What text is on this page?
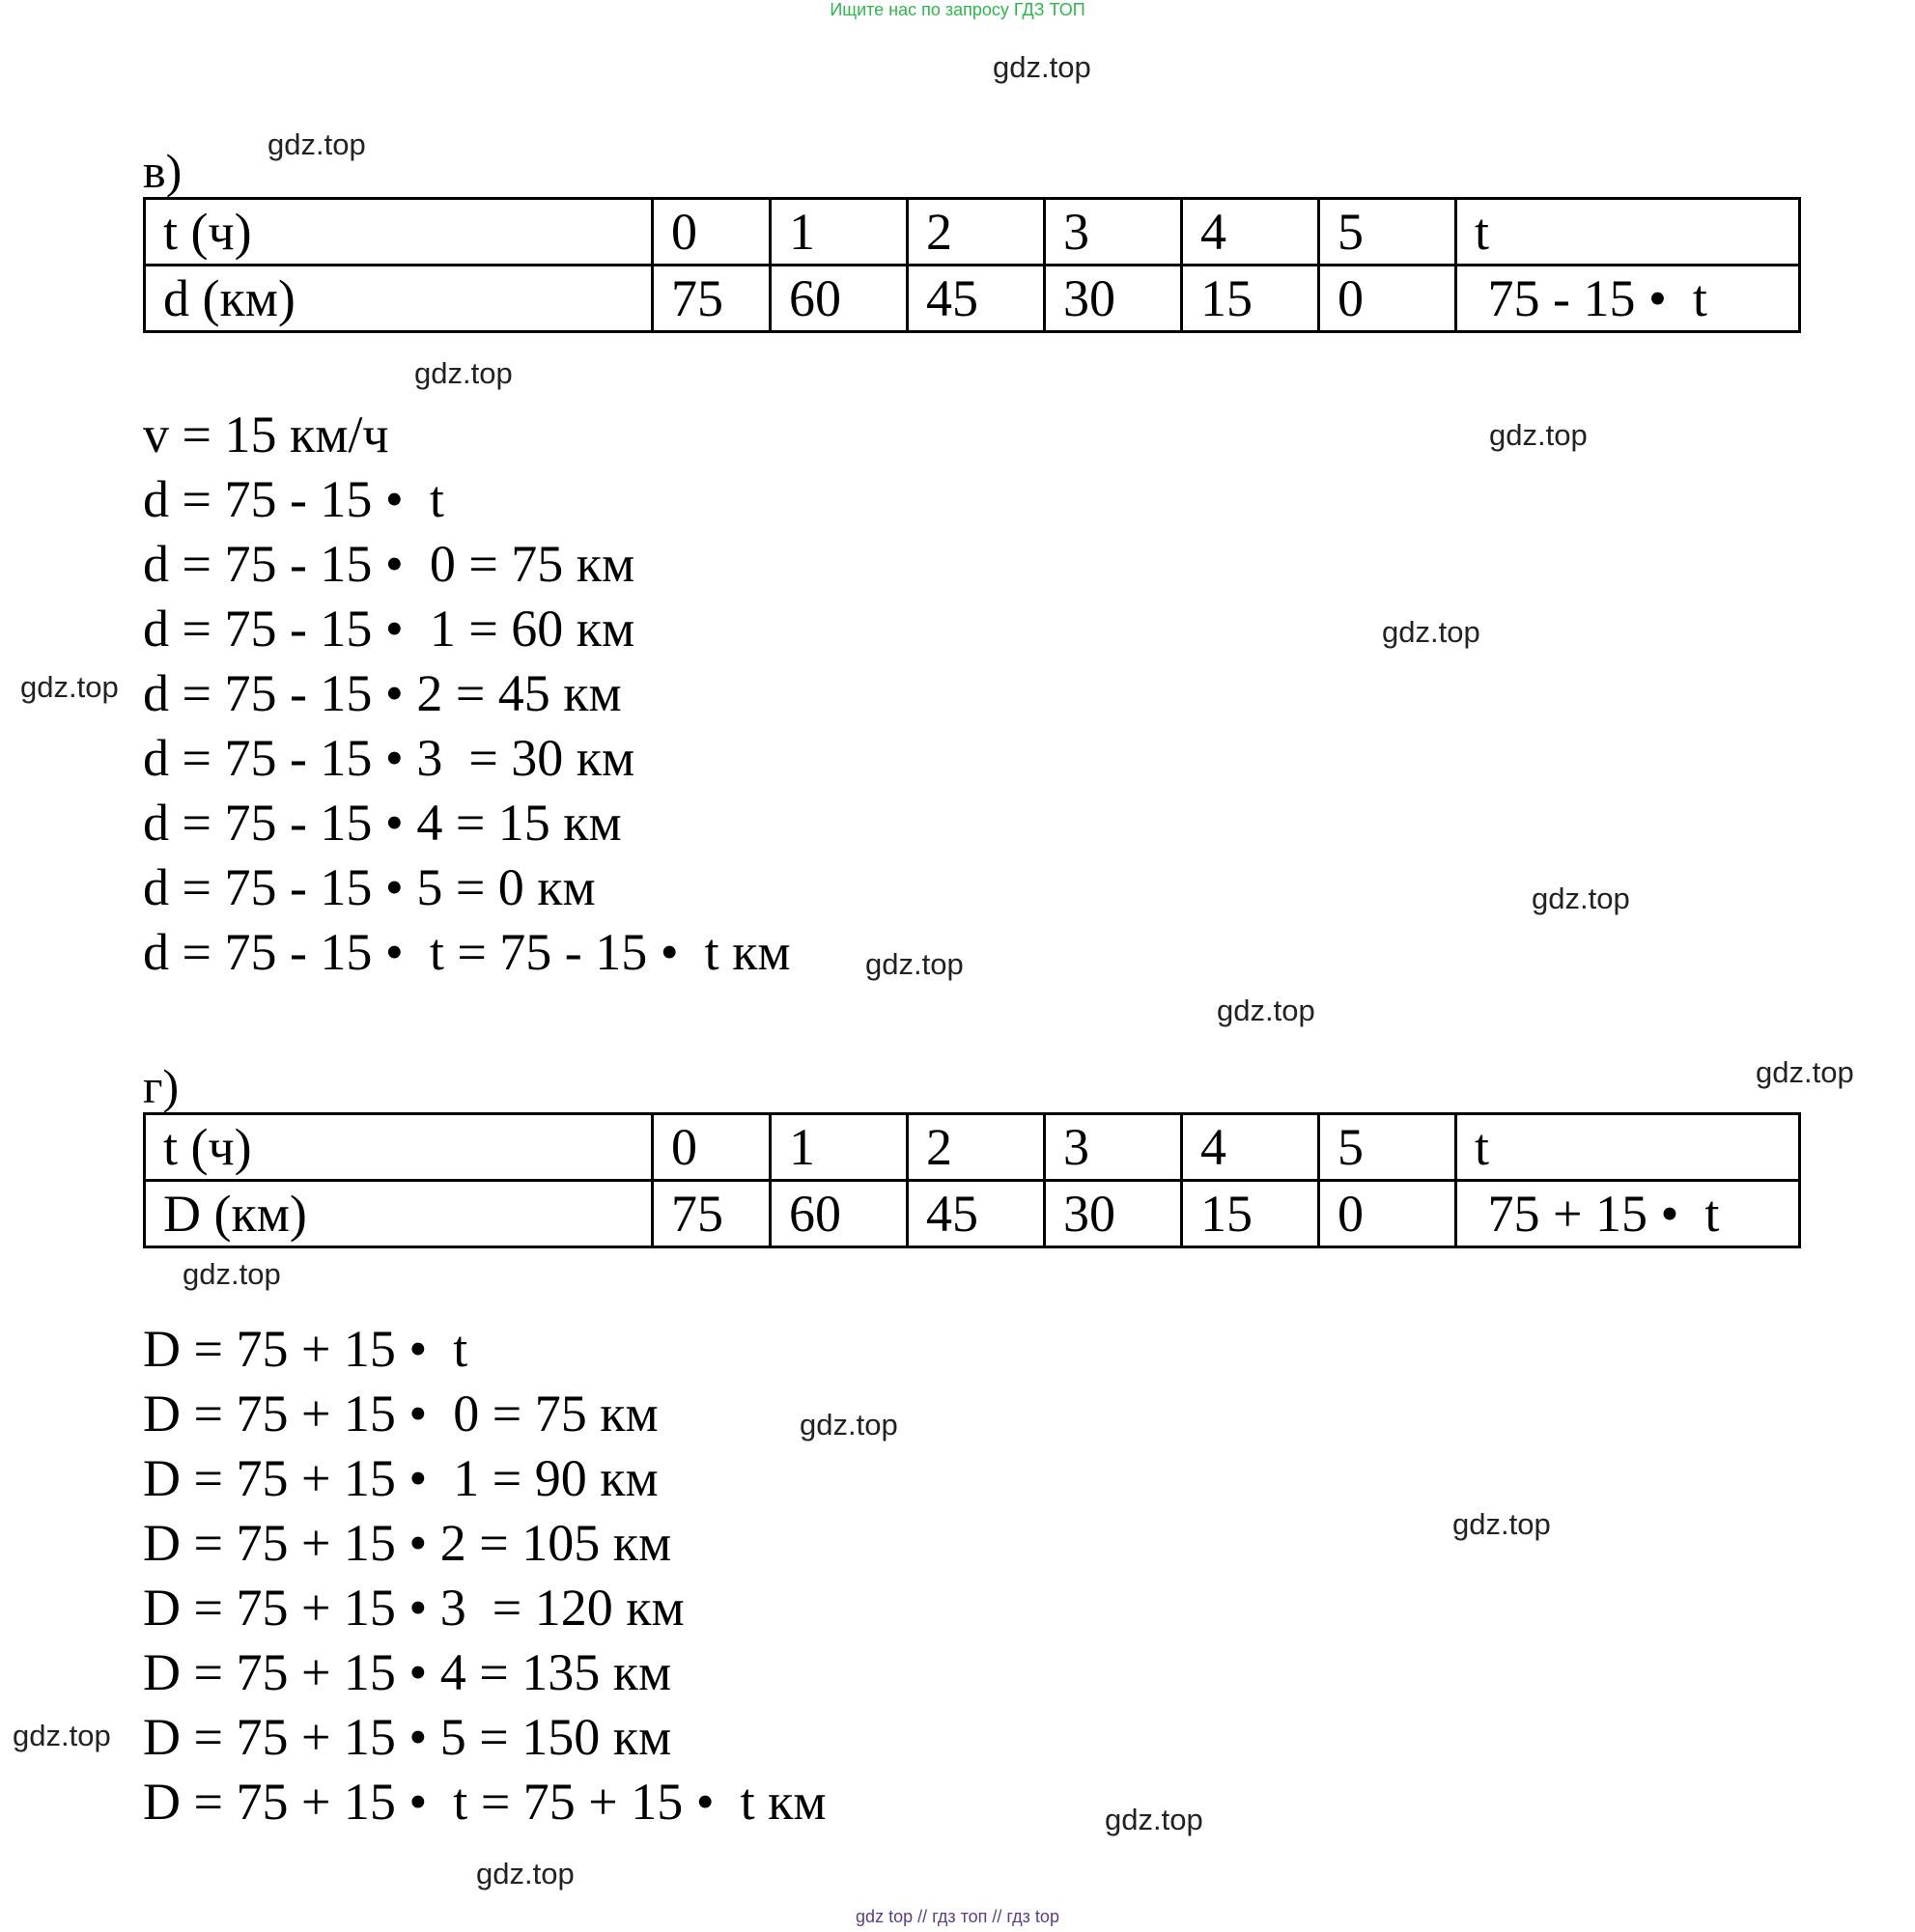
Ищите нас по запросу ГДЗ ТОП
в)
t (ч)	0	1	2	3	4	5	t
d (км)	75	60	45	30	15	0	75 - 15 •  t
v = 15 км/ч
d = 75 - 15 •  t
d = 75 - 15 •  0 = 75 км
d = 75 - 15 •  1 = 60 км
d = 75 - 15 • 2 = 45 км
d = 75 - 15 • 3  = 30 км
d = 75 - 15 • 4 = 15 км
d = 75 - 15 • 5 = 0 км
d = 75 - 15 •  t = 75 - 15 •  t км
г)
t (ч)	0	1	2	3	4	5	t
D (км)	75	60	45	30	15	0	75 + 15 •  t
D = 75 + 15 •  t
D = 75 + 15 •  0 = 75 км
D = 75 + 15 •  1 = 90 км
D = 75 + 15 • 2 = 105 км
D = 75 + 15 • 3  = 120 км
D = 75 + 15 • 4 = 135 км
D = 75 + 15 • 5 = 150 км
D = 75 + 15 •  t = 75 + 15 •  t км
gdz.top
gdz.top
gdz.top
gdz.top
gdz.top
gdz.top
gdz.top
gdz.top
gdz.top
gdz.top
gdz.top
gdz.top
gdz.top
gdz.top
gdz.top
gdz.top
gdz top // гдз топ // гдз top
